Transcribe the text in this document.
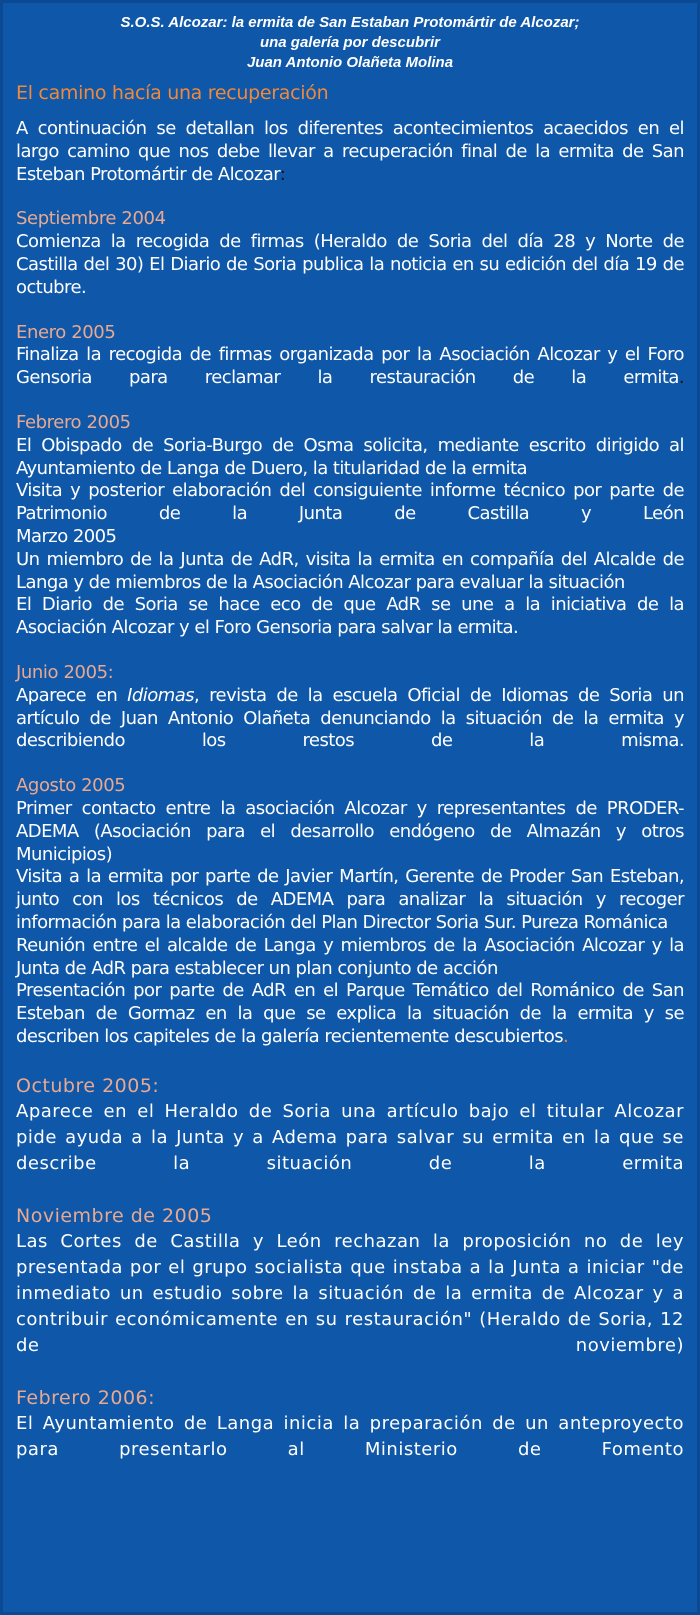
S.O.S. Alcozar: la ermita de San Estaban Protomártir de Alcozar;
una galería por descubrir
Juan Antonio Olañeta Molina
El camino hacía una recuperación
A continuación se detallan los diferentes acontecimientos acaecidos en el largo camino que nos debe llevar a recuperación final de la ermita de San Esteban Protomártir de Alcozar:
Septiembre 2004
Comienza la recogida de firmas (Heraldo de Soria del día 28 y Norte de Castilla del 30) El Diario de Soria publica la noticia en su edición del día 19 de octubre.
Enero 2005
Finaliza la recogida de firmas organizada por la Asociación Alcozar y el Foro Gensoria para reclamar la restauración de la ermita.
Febrero 2005
El Obispado de Soria-Burgo de Osma solicita, mediante escrito dirigido al Ayuntamiento de Langa de Duero, la titularidad de la ermita
Visita y posterior elaboración del consiguiente informe técnico por parte de Patrimonio de la Junta de Castilla y León
Marzo 2005
Un miembro de la Junta de AdR, visita la ermita en compañía del Alcalde de Langa y de miembros de la Asociación Alcozar para evaluar la situación
El Diario de Soria se hace eco de que AdR se une a la iniciativa de la Asociación Alcozar y el Foro Gensoria para salvar la ermita.
Junio 2005:
Aparece en Idiomas, revista de la escuela Oficial de Idiomas de Soria un artículo de Juan Antonio Olañeta denunciando la situación de la ermita y describiendo los restos de la misma.
Agosto 2005
Primer contacto entre la asociación Alcozar y representantes de PRODER-ADEMA (Asociación para el desarrollo endógeno de Almazán y otros Municipios)
Visita a la ermita por parte de Javier Martín, Gerente de Proder San Esteban, junto con los técnicos de ADEMA para analizar la situación y recoger información para la elaboración del Plan Director Soria Sur. Pureza Románica
Reunión entre el alcalde de Langa y miembros de la Asociación Alcozar y la Junta de AdR para establecer un plan conjunto de acción
Presentación por parte de AdR en el Parque Temático del Románico de San Esteban de Gormaz en la que se explica la situación de la ermita y se describen los capiteles de la galería recientemente descubiertos.
Octubre 2005:
Aparece en el Heraldo de Soria una artículo bajo el titular Alcozar pide ayuda a la Junta y a Adema para salvar su ermita en la que se describe la situación de la ermita
Noviembre de 2005
Las Cortes de Castilla y León rechazan la proposición no de ley presentada por el grupo socialista que instaba a la Junta a iniciar "de inmediato un estudio sobre la situación de la ermita de Alcozar y a contribuir económicamente en su restauración" (Heraldo de Soria, 12 de noviembre)
Febrero 2006:
El Ayuntamiento de Langa inicia la preparación de un anteproyecto para presentarlo al Ministerio de Fomento
